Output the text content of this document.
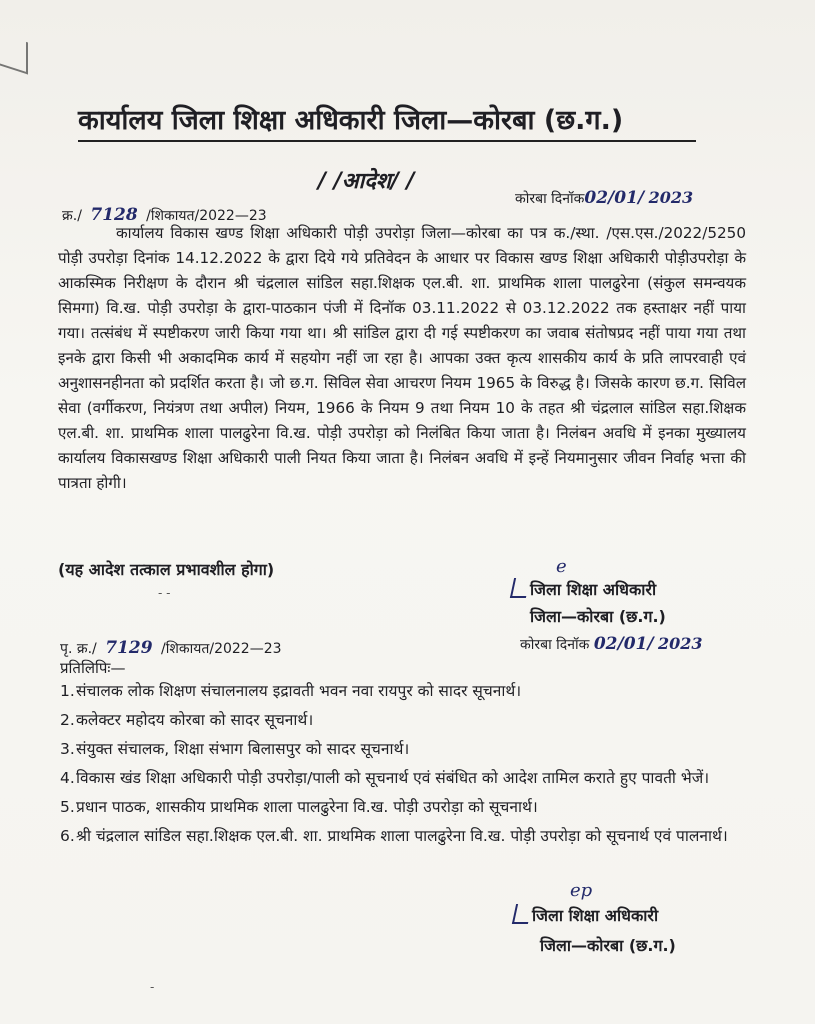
कार्यालय जिला शिक्षा अधिकारी जिला—कोरबा (छ.ग.)
/ /आदेश/ /
क्र./ 7128 /शिकायत/2022—23
कोरबा दिनॉक02/01/ 2023
कार्यालय विकास खण्ड शिक्षा अधिकारी पोड़ी उपरोड़ा जिला—कोरबा का पत्र क./स्था. /एस.एस./2022/5250 पोड़ी उपरोड़ा दिनांक 14.12.2022 के द्वारा दिये गये प्रतिवेदन के आधार पर विकास खण्ड शिक्षा अधिकारी पोड़ीउपरोड़ा के आकस्मिक निरीक्षण के दौरान श्री चंद्रलाल सांडिल सहा.शिक्षक एल.बी. शा. प्राथमिक शाला पालढुरेना (संकुल समन्वयक सिमगा) वि.ख. पोड़ी उपरोड़ा के द्वारा-पाठकान पंजी में दिनॉक 03.11.2022 से 03.12.2022 तक हस्ताक्षर नहीं पाया गया। तत्संबंध में स्पष्टीकरण जारी किया गया था। श्री सांडिल द्वारा दी गई स्पष्टीकरण का जवाब संतोषप्रद नहीं पाया गया तथा इनके द्वारा किसी भी अकादमिक कार्य में सहयोग नहीं जा रहा है। आपका उक्त कृत्य शासकीय कार्य के प्रति लापरवाही एवं अनुशासनहीनता को प्रदर्शित करता है। जो छ.ग. सिविल सेवा आचरण नियम 1965 के विरुद्ध है। जिसके कारण छ.ग. सिविल सेवा (वर्गीकरण, नियंत्रण तथा अपील) नियम, 1966 के नियम 9 तथा नियम 10 के तहत श्री चंद्रलाल सांडिल सहा.शिक्षक एल.बी. शा. प्राथमिक शाला पालढुरेना वि.ख. पोड़ी उपरोड़ा को निलंबित किया जाता है। निलंबन अवधि में इनका मुख्यालय कार्यालय विकासखण्ड शिक्षा अधिकारी पाली नियत किया जाता है। निलंबन अवधि में इन्हें नियमानुसार जीवन निर्वाह भत्ता की पात्रता होगी।
(यह आदेश तत्काल प्रभावशील होगा)
- -
e
जिला शिक्षा अधिकारी
जिला—कोरबा (छ.ग.)
पृ. क्र./ 7129 /शिकायत/2022—23	कोरबा दिनॉक 02/01/ 2023
प्रतिलिपिः—
1. संचालक लोक शिक्षण संचालनालय इद्रावती भवन नवा रायपुर को सादर सूचनार्थ।
2. कलेक्टर महोदय कोरबा को सादर सूचनार्थ।
3. संयुक्त संचालक, शिक्षा संभाग बिलासपुर को सादर सूचनार्थ।
4. विकास खंड शिक्षा अधिकारी पोड़ी उपरोड़ा/पाली को सूचनार्थ एवं संबंधित को आदेश तामिल कराते हुए पावती भेजें।
5. प्रधान पाठक, शासकीय प्राथमिक शाला पालढुरेना वि.ख. पोड़ी उपरोड़ा को सूचनार्थ।
6. श्री चंद्रलाल सांडिल सहा.शिक्षक एल.बी. शा. प्राथमिक शाला पालढुरेना वि.ख. पोड़ी उपरोड़ा को सूचनार्थ एवं पालनार्थ।
ep
जिला शिक्षा अधिकारी
जिला—कोरबा (छ.ग.)
-
